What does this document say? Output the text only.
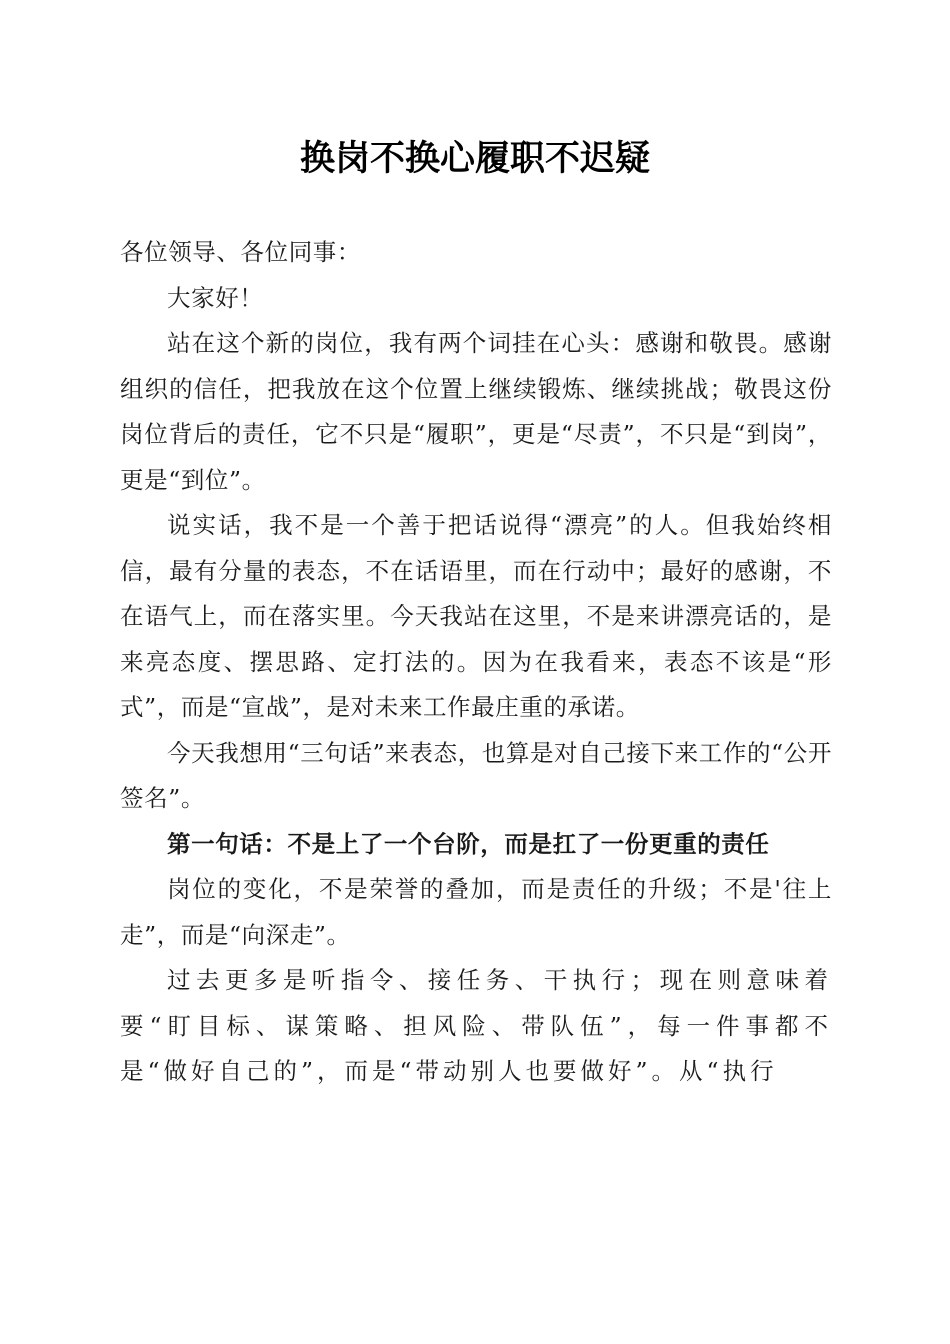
换岗不换心履职不迟疑

各位领导、各位同事：

大家好！

站在这个新的岗位，我有两个词挂在心头：感谢和敬畏。感谢组织的信任，把我放在这个位置上继续锻炼、继续挑战；敬畏这份岗位背后的责任，它不只是“履职”，更是“尽责”，不只是“到岗”，更是“到位”。

说实话，我不是一个善于把话说得“漂亮”的人。但我始终相信，最有分量的表态，不在话语里，而在行动中；最好的感谢，不在语气上，而在落实里。今天我站在这里，不是来讲漂亮话的，是来亮态度、摆思路、定打法的。因为在我看来，表态不该是“形式”，而是“宣战”，是对未来工作最庄重的承诺。

今天我想用“三句话”来表态，也算是对自己接下来工作的“公开签名”。

第一句话：不是上了一个台阶，而是扛了一份更重的责任

岗位的变化，不是荣誉的叠加，而是责任的升级；不是'往上走”，而是“向深走”。

过去更多是听指令、接任务、干执行；现在则意味着要“盯目标、谋策略、担风险、带队伍”，每一件事都不是“做好自己的”，而是“带动别人也要做好”。从“执行
